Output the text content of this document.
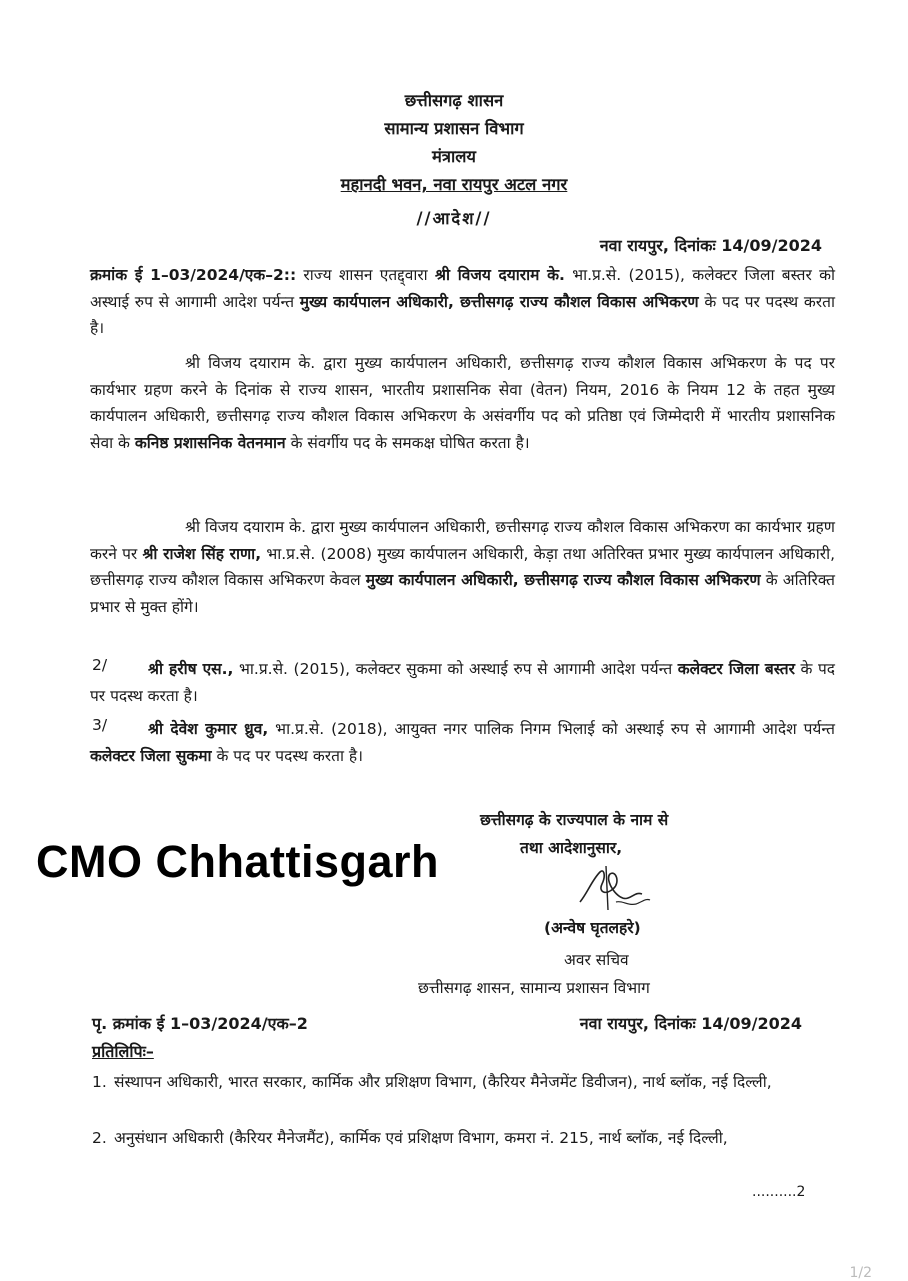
छत्तीसगढ़ शासन
सामान्य प्रशासन विभाग
मंत्रालय
महानदी भवन, नवा रायपुर अटल नगर
//आदेश//
नवा रायपुर, दिनांकः 14/09/2024
क्रमांक ई 1–03/2024/एक–2:: राज्य शासन एतद्द्वारा श्री विजय दयाराम के. भा.प्र.से. (2015), कलेक्टर जिला बस्तर को अस्थाई रुप से आगामी आदेश पर्यन्त मुख्य कार्यपालन अधिकारी, छत्तीसगढ़ राज्य कौशल विकास अभिकरण के पद पर पदस्थ करता है।
श्री विजय दयाराम के. द्वारा मुख्य कार्यपालन अधिकारी, छत्तीसगढ़ राज्य कौशल विकास अभिकरण के पद पर कार्यभार ग्रहण करने के दिनांक से राज्य शासन, भारतीय प्रशासनिक सेवा (वेतन) नियम, 2016 के नियम 12 के तहत मुख्य कार्यपालन अधिकारी, छत्तीसगढ़ राज्य कौशल विकास अभिकरण के असंवर्गीय पद को प्रतिष्ठा एवं जिम्मेदारी में भारतीय प्रशासनिक सेवा के कनिष्ठ प्रशासनिक वेतनमान के संवर्गीय पद के समकक्ष घोषित करता है।
श्री विजय दयाराम के. द्वारा मुख्य कार्यपालन अधिकारी, छत्तीसगढ़ राज्य कौशल विकास अभिकरण का कार्यभार ग्रहण करने पर श्री राजेश सिंह राणा, भा.प्र.से. (2008) मुख्य कार्यपालन अधिकारी, केड़ा तथा अतिरिक्त प्रभार मुख्य कार्यपालन अधिकारी, छत्तीसगढ़ राज्य कौशल विकास अभिकरण केवल मुख्य कार्यपालन अधिकारी, छत्तीसगढ़ राज्य कौशल विकास अभिकरण के अतिरिक्त प्रभार से मुक्त होंगे।
2/	श्री हरीष एस., भा.प्र.से. (2015), कलेक्टर सुकमा को अस्थाई रुप से आगामी आदेश पर्यन्त कलेक्टर जिला बस्तर के पद पर पदस्थ करता है।
3/	श्री देवेश कुमार ध्रुव, भा.प्र.से. (2018), आयुक्त नगर पालिक निगम भिलाई को अस्थाई रुप से आगामी आदेश पर्यन्त कलेक्टर जिला सुकमा के पद पर पदस्थ करता है।
छत्तीसगढ़ के राज्यपाल के नाम से
तथा आदेशानुसार,
CMO Chhattisgarh
(अन्वेष घृतलहरे)
अवर सचिव
छत्तीसगढ़ शासन, सामान्य प्रशासन विभाग
पृ. क्रमांक ई 1–03/2024/एक–2	नवा रायपुर, दिनांकः 14/09/2024
प्रतिलिपिः–
1. संस्थापन अधिकारी, भारत सरकार, कार्मिक और प्रशिक्षण विभाग, (कैरियर मैनेजमेंट डिवीजन), नार्थ ब्लॉक, नई दिल्ली,
2. अनुसंधान अधिकारी (कैरियर मैनेजमैंट), कार्मिक एवं प्रशिक्षण विभाग, कमरा नं. 215, नार्थ ब्लॉक, नई दिल्ली,
..........2
1/2
